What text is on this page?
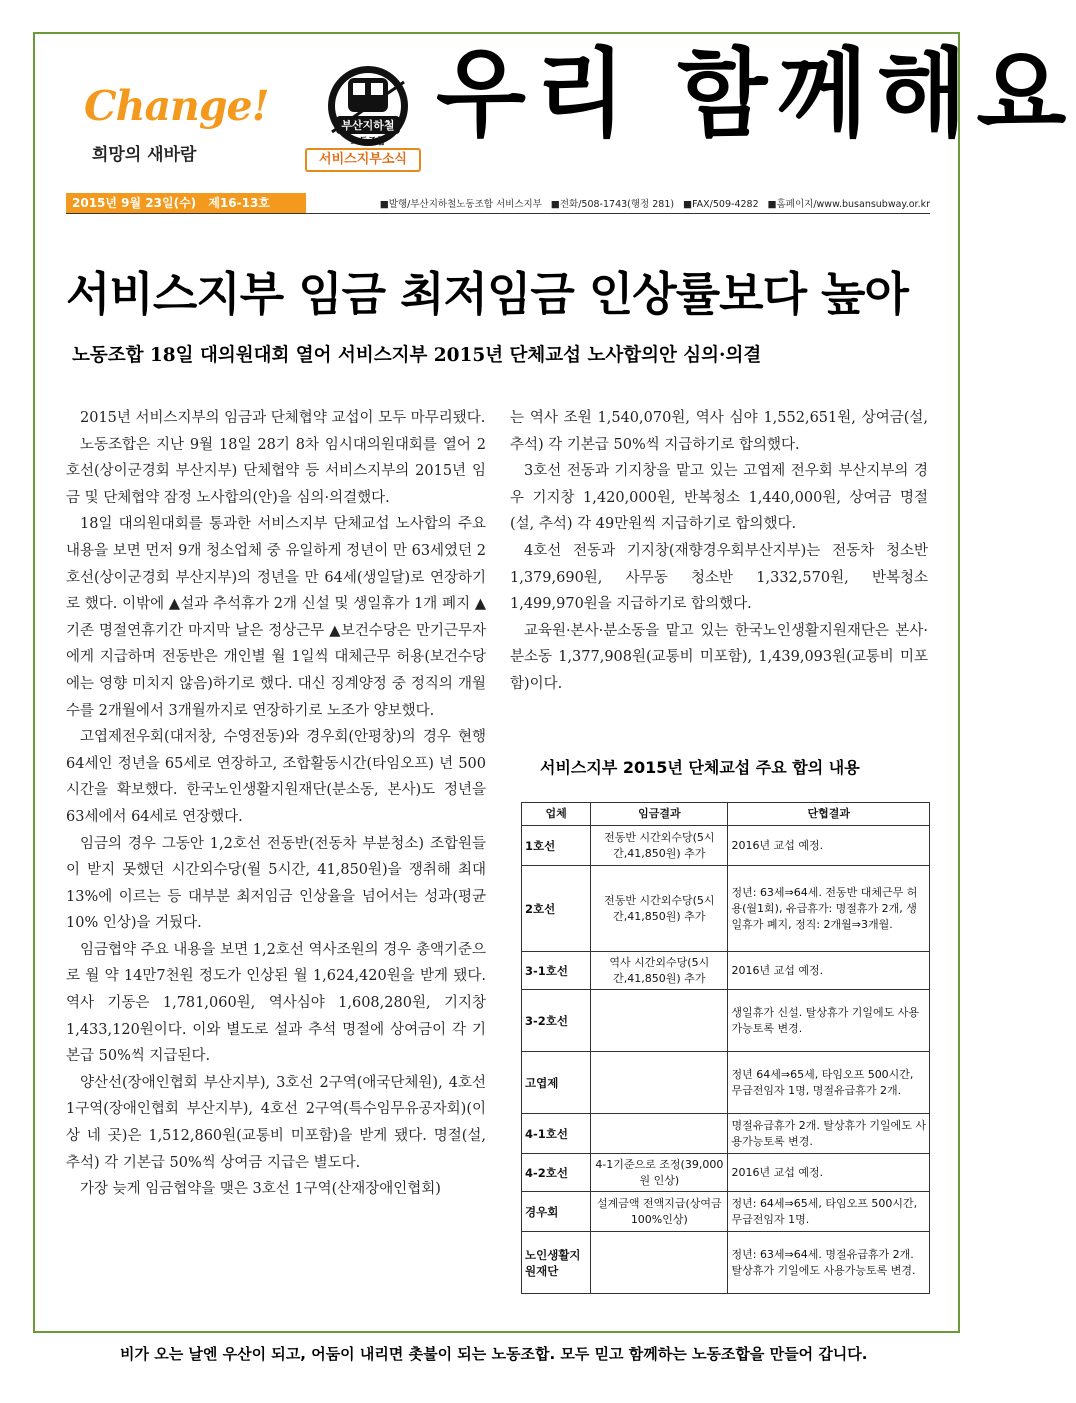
Change!
희망의 새바람
부산지하철
노동조합
서비스지부소식
우리 함께해요
2015년 9월 23일(수) 제16-13호	■발행/부산지하철노동조합 서비스지부 ■전화/508-1743(행정 281) ■FAX/509-4282 ■홈페이지/www.busansubway.or.kr
서비스지부 임금 최저임금 인상률보다 높아
노동조합 18일 대의원대회 열어 서비스지부 2015년 단체교섭 노사합의안 심의·의결

2015년 서비스지부의 임금과 단체협약 교섭이 모두 마무리됐다.

노동조합은 지난 9월 18일 28기 8차 임시대의원대회를 열어 2호선(상이군경회 부산지부) 단체협약 등 서비스지부의 2015년 임금 및 단체협약 잠정 노사합의(안)을 심의·의결했다.

18일 대의원대회를 통과한 서비스지부 단체교섭 노사합의 주요내용을 보면 먼저 9개 청소업체 중 유일하게 정년이 만 63세였던 2호선(상이군경회 부산지부)의 정년을 만 64세(생일달)로 연장하기로 했다. 이밖에 ▲설과 추석휴가 2개 신설 및 생일휴가 1개 폐지 ▲기존 명절연휴기간 마지막 날은 정상근무 ▲보건수당은 만기근무자에게 지급하며 전동반은 개인별 월 1일씩 대체근무 허용(보건수당에는 영향 미치지 않음)하기로 했다. 대신 징계양정 중 정직의 개월 수를 2개월에서 3개월까지로 연장하기로 노조가 양보했다.

고엽제전우회(대저창, 수영전동)와 경우회(안평창)의 경우 현행 64세인 정년을 65세로 연장하고, 조합활동시간(타임오프) 년 500시간을 확보했다. 한국노인생활지원재단(분소동, 본사)도 정년을 63세에서 64세로 연장했다.

임금의 경우 그동안 1,2호선 전동반(전동차 부분청소) 조합원들이 받지 못했던 시간외수당(월 5시간, 41,850원)을 쟁취해 최대 13%에 이르는 등 대부분 최저임금 인상율을 넘어서는 성과(평균 10% 인상)을 거뒀다.

임금협약 주요 내용을 보면 1,2호선 역사조원의 경우 총액기준으로 월 약 14만7천원 정도가 인상된 월 1,624,420원을 받게 됐다. 역사 기동은 1,781,060원, 역사심야 1,608,280원, 기지창 1,433,120원이다. 이와 별도로 설과 추석 명절에 상여금이 각 기본급 50%씩 지급된다.

양산선(장애인협회 부산지부), 3호선 2구역(애국단체원), 4호선 1구역(장애인협회 부산지부), 4호선 2구역(특수임무유공자회)(이상 네 곳)은 1,512,860원(교통비 미포함)을 받게 됐다. 명절(설, 추석) 각 기본급 50%씩 상여금 지급은 별도다.

가장 늦게 임금협약을 맺은 3호선 1구역(산재장애인협회)

는 역사 조원 1,540,070원, 역사 심야 1,552,651원, 상여금(설, 추석) 각 기본급 50%씩 지급하기로 합의했다.

3호선 전동과 기지창을 맡고 있는 고엽제 전우회 부산지부의 경우 기지창 1,420,000원, 반복청소 1,440,000원, 상여금 명절(설, 추석) 각 49만원씩 지급하기로 합의했다.

4호선 전동과 기지창(재향경우회부산지부)는 전동차 청소반 1,379,690원, 사무동 청소반 1,332,570원, 반복청소 1,499,970원을 지급하기로 합의했다.

교육원·본사·분소동을 맡고 있는 한국노인생활지원재단은 본사·분소동 1,377,908원(교통비 미포함), 1,439,093원(교통비 미포함)이다.

서비스지부 2015년 단체교섭 주요 합의 내용
업체	임금결과	단협결과
1호선	전동반 시간외수당(5시간,41,850원) 추가	2016년 교섭 예정.
2호선	전동반 시간외수당(5시간,41,850원) 추가	정년: 63세⇒64세. 전동반 대체근무 허용(월1회), 유급휴가: 명절휴가 2개, 생일휴가 폐지, 정직: 2개월⇒3개월.
3-1호선	역사 시간외수당(5시간,41,850원) 추가	2016년 교섭 예정.
3-2호선		생일휴가 신설. 탈상휴가 기일에도 사용가능토록 변경.
고엽제		정년 64세⇒65세, 타임오프 500시간, 무급전임자 1명, 명절유급휴가 2개.
4-1호선		명절유급휴가 2개. 탈상휴가 기일에도 사용가능토록 변경.
4-2호선	4-1기준으로 조정(39,000원 인상)	2016년 교섭 예정.
경우회	설계금액 전액지급(상여금 100%인상)	정년: 64세⇒65세, 타임오프 500시간, 무급전임자 1명.
노인생활지원재단		정년: 63세⇒64세. 명절유급휴가 2개. 탈상휴가 기일에도 사용가능토록 변경.
비가 오는 날엔 우산이 되고, 어둠이 내리면 촛불이 되는 노동조합. 모두 믿고 함께하는 노동조합을 만들어 갑니다.
